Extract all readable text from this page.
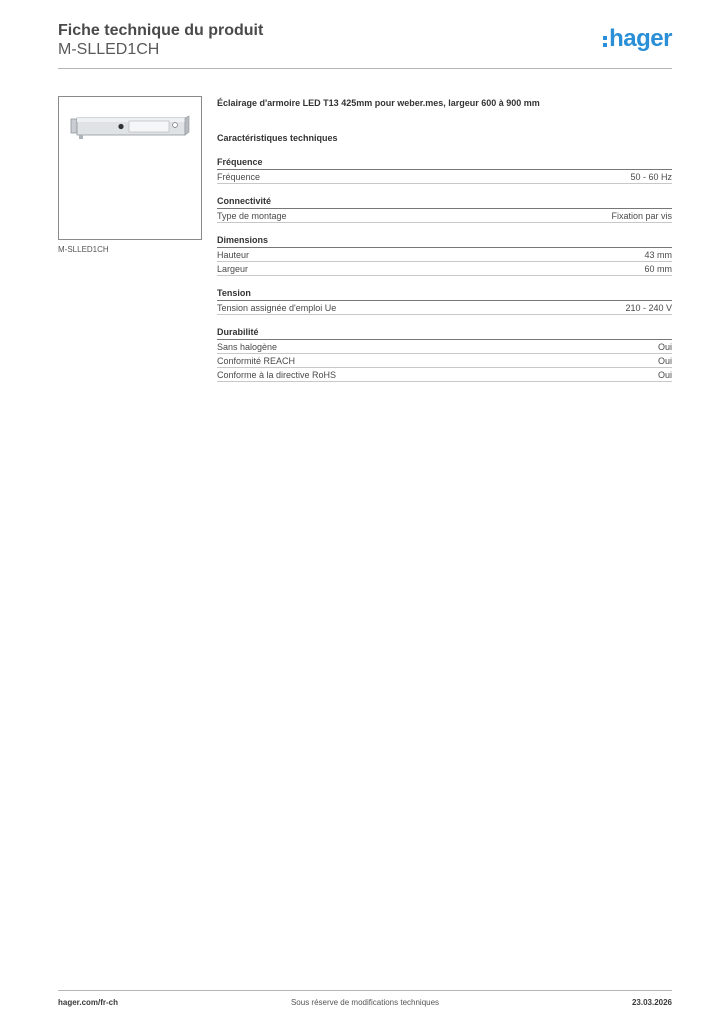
Fiche technique du produit
M-SLLED1CH	hager
M-SLLED1CH
Éclairage d'armoire LED T13 425mm pour weber.mes, largeur 600 à 900 mm
Caractéristiques techniques
Fréquence
Fréquence	50 - 60 Hz
Connectivité
Type de montage	Fixation par vis
Dimensions
Hauteur	43 mm
Largeur	60 mm
Tension
Tension assignée d'emploi Ue	210 - 240 V
Durabilité
Sans halogène	Oui
Conformité REACH	Oui
Conforme à la directive RoHS	Oui
hager.com/fr-ch	Sous réserve de modifications techniques	23.03.2026
